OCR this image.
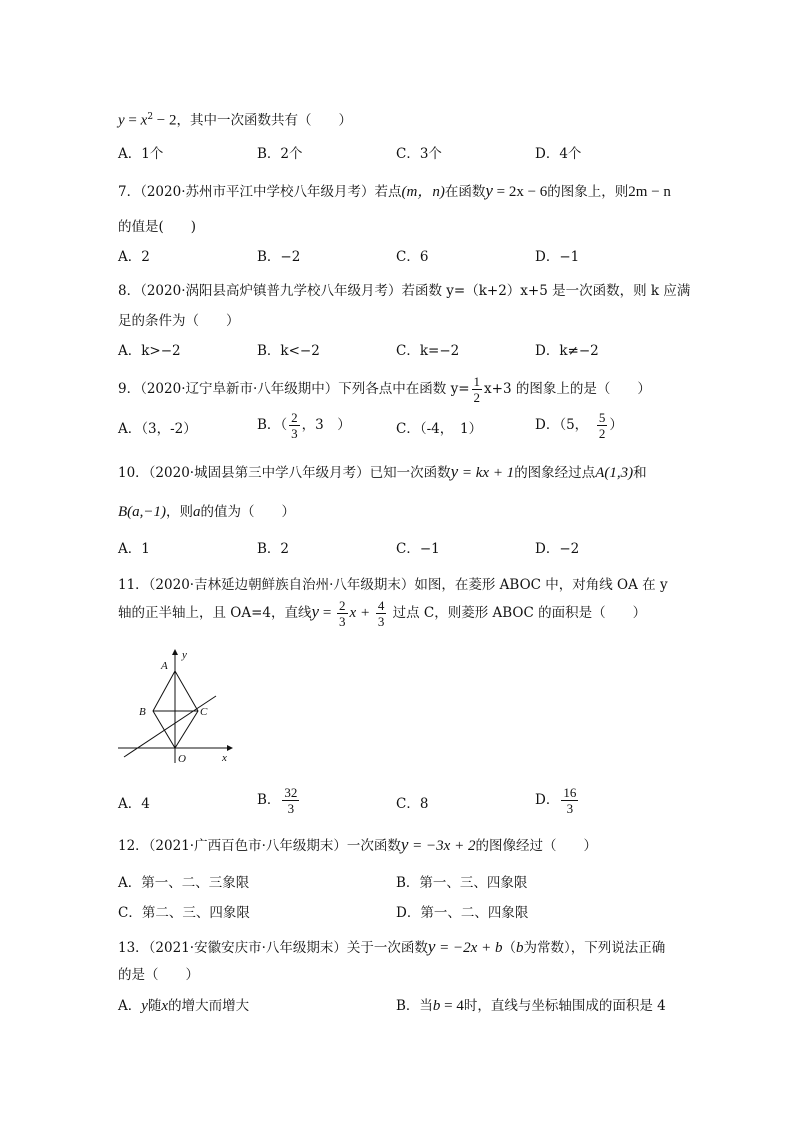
$y = x^2 - 2$，其中一次函数共有（　　）
A．1个	B．2个	C．3个	D．4个
7．（2020·苏州市平江中学校八年级月考）若点(m，n)在函数y = 2x − 6的图象上，则2m − n
的值是(　　)
A．2	B．−2	C．6	D．−1
8．（2020·涡阳县高炉镇普九学校八年级月考）若函数 y=（k+2）x+5 是一次函数，则 k 应满
足的条件为（　　）
A．k>−2	B．k<−2	C．k=−2	D．k≠−2
9．（2020·辽宁阜新市·八年级期中）下列各点中在函数 $y= \frac{1}{2} x+3$ 的图象上的是（　　）
A．（3，-2）	B．（ $\frac{2}{3}$ ，3　）	C．（-4，　1）	D．（5，　 $\frac{5}{2}$ ）
10．（2020·城固县第三中学八年级月考）已知一次函数y = kx + 1的图象经过点A(1,3)和
B(a,−1)，则a的值为（　　）
A．1	B．2	C．−1	D．−2
11．（2020·吉林延边朝鲜族自治州·八年级期末）如图，在菱形 ABOC 中，对角线 OA 在 y
轴的正半轴上，且 OA=4，直线$y = \frac{2}{3}$ $x + \frac{4}{3}$ 过点 C，则菱形 ABOC 的面积是（　　）
y
x
A
B	C
O
A．4	B． $\frac{32}{3}$	C．8	D． $\frac{16}{3}$
12．（2021·广西百色市·八年级期末）一次函数y = −3x + 2的图像经过（　　）
A．第一、二、三象限	B．第一、三、四象限
C．第二、三、四象限	D．第一、二、四象限
13．（2021·安徽安庆市·八年级期末）关于一次函数y = −2x + b（b为常数），下列说法正确
的是（　　）
A．y随x的增大而增大	B．当b = 4时，直线与坐标轴围成的面积是 4
